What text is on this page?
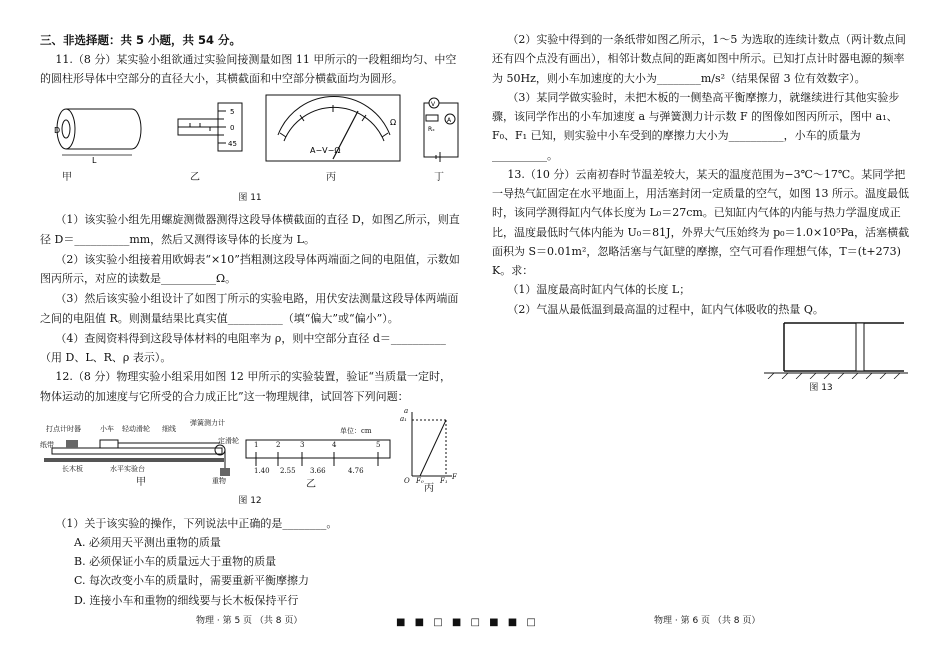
三、非选择题：共 5 小题，共 54 分。

11.（8 分）某实验小组欲通过实验间接测量如图 11 甲所示的一段粗细均匀、中空的圆柱形导体中空部分的直径大小，其横截面和中空部分横截面均为圆形。

L
D
5
0
45
A−V−Ω
Ω
V
A
Rₓ
甲	乙	丙	丁

图 11

（1）该实验小组先用螺旋测微器测得这段导体横截面的直径 D，如图乙所示，则直径 D＝__________mm，然后又测得该导体的长度为 L。

（2）该实验小组接着用欧姆表“×10”挡粗测这段导体两端面之间的电阻值，示数如图丙所示，对应的读数是__________Ω。

（3）然后该实验小组设计了如图丁所示的实验电路，用伏安法测量这段导体两端面之间的电阻值 R。则测量结果比真实值__________（填“偏大”或“偏小”）。

（4）查阅资料得到这段导体材料的电阻率为 ρ，则中空部分直径 d＝__________（用 D、L、R、ρ 表示）。

12.（8 分）物理实验小组采用如图 12 甲所示的实验装置，验证“当质量一定时，物体运动的加速度与它所受的合力成正比”这一物理规律，试回答下列问题：

打点计时器	小车 轻动滑轮 细线
弹簧测力计
纸带	定滑轮
长木板	水平实验台
重物
单位：cm
1	2	3	4	5
1.40 2.55 3.66	4.76
a
a₁
O F₀ F₁ F
甲	乙	丙

图 12

（1）关于该实验的操作，下列说法中正确的是________。

A. 必须用天平测出重物的质量

B. 必须保证小车的质量远大于重物的质量

C. 每次改变小车的质量时，需要重新平衡摩擦力

D. 连接小车和重物的细线要与长木板保持平行

物理 · 第 5 页 （共 8 页）	■ ■ □ ■ □ ■ ■ □

（2）实验中得到的一条纸带如图乙所示，1～5 为选取的连续计数点（两计数点间还有四个点没有画出），相邻计数点间的距离如图中所示。已知打点计时器电源的频率为 50Hz，则小车加速度的大小为________m/s²（结果保留 3 位有效数字）。

（3）某同学做实验时，未把木板的一侧垫高平衡摩擦力，就继续进行其他实验步骤，该同学作出的小车加速度 a 与弹簧测力计示数 F 的图像如图丙所示，图中 a₁、F₀、F₁ 已知，则实验中小车受到的摩擦力大小为__________，小车的质量为__________。

13.（10 分）云南初春时节温差较大，某天的温度范围为−3℃～17℃。某同学把一导热气缸固定在水平地面上，用活塞封闭一定质量的空气，如图 13 所示。温度最低时，该同学测得缸内气体长度为 L₀＝27cm。已知缸内气体的内能与热力学温度成正比，温度最低时气体内能为 U₀＝81J，外界大气压始终为 p₀＝1.0×10⁵Pa，活塞横截面积为 S＝0.01m²，忽略活塞与气缸壁的摩擦，空气可看作理想气体，T＝(t+273) K。求：

（1）温度最高时缸内气体的长度 L；

（2）气温从最低温到最高温的过程中，缸内气体吸收的热量 Q。

图 13

物理 · 第 6 页 （共 8 页）
